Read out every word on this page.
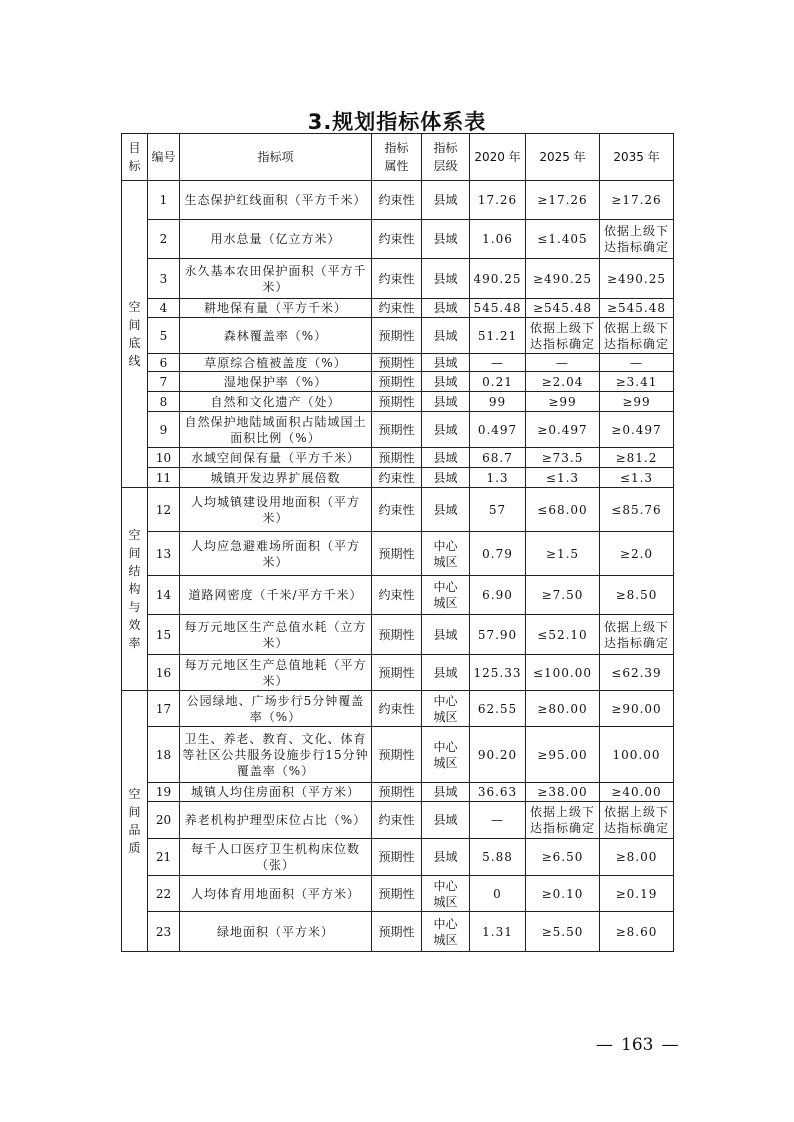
3.规划指标体系表
目标	编号	指标项	指标属性	指标层级	2020 年	2025 年	2035 年

空间底线	1	生态保护红线面积（平方千米）	约束性	县域	17.26	≥17.26	≥17.26
	2	用水总量（亿立方米）	约束性	县域	1.06	≤1.405	依据上级下达指标确定
	3	永久基本农田保护面积（平方千米）	约束性	县域	490.25	≥490.25	≥490.25
	4	耕地保有量（平方千米）	约束性	县域	545.48	≥545.48	≥545.48
	5	森林覆盖率（%）	预期性	县域	51.21	依据上级下达指标确定	依据上级下达指标确定
	6	草原综合植被盖度（%）	预期性	县域	—	—	—
	7	湿地保护率（%）	预期性	县域	0.21	≥2.04	≥3.41
	8	自然和文化遗产（处）	预期性	县域	99	≥99	≥99
	9	自然保护地陆域面积占陆域国土面积比例（%）	预期性	县域	0.497	≥0.497	≥0.497
	10	水域空间保有量（平方千米）	预期性	县域	68.7	≥73.5	≥81.2
	11	城镇开发边界扩展倍数	约束性	县域	1.3	≤1.3	≤1.3

空间结构与效率	12	人均城镇建设用地面积（平方米）	约束性	县域	57	≤68.00	≤85.76
	13	人均应急避难场所面积（平方米）	预期性	中心城区	0.79	≥1.5	≥2.0
	14	道路网密度（千米/平方千米）	约束性	中心城区	6.90	≥7.50	≥8.50
	15	每万元地区生产总值水耗（立方米）	预期性	县域	57.90	≤52.10	依据上级下达指标确定
	16	每万元地区生产总值地耗（平方米）	预期性	县域	125.33	≤100.00	≤62.39

空间品质	17	公园绿地、广场步行5分钟覆盖率（%）	约束性	中心城区	62.55	≥80.00	≥90.00
	18	卫生、养老、教育、文化、体育等社区公共服务设施步行15分钟覆盖率（%）	预期性	中心城区	90.20	≥95.00	100.00
	19	城镇人均住房面积（平方米）	预期性	县域	36.63	≥38.00	≥40.00
	20	养老机构护理型床位占比（%）	约束性	县域	—	依据上级下达指标确定	依据上级下达指标确定
	21	每千人口医疗卫生机构床位数（张）	预期性	县域	5.88	≥6.50	≥8.00
	22	人均体育用地面积（平方米）	预期性	中心城区	0	≥0.10	≥0.19
	23	绿地面积（平方米）	预期性	中心城区	1.31	≥5.50	≥8.60
— 163 —
